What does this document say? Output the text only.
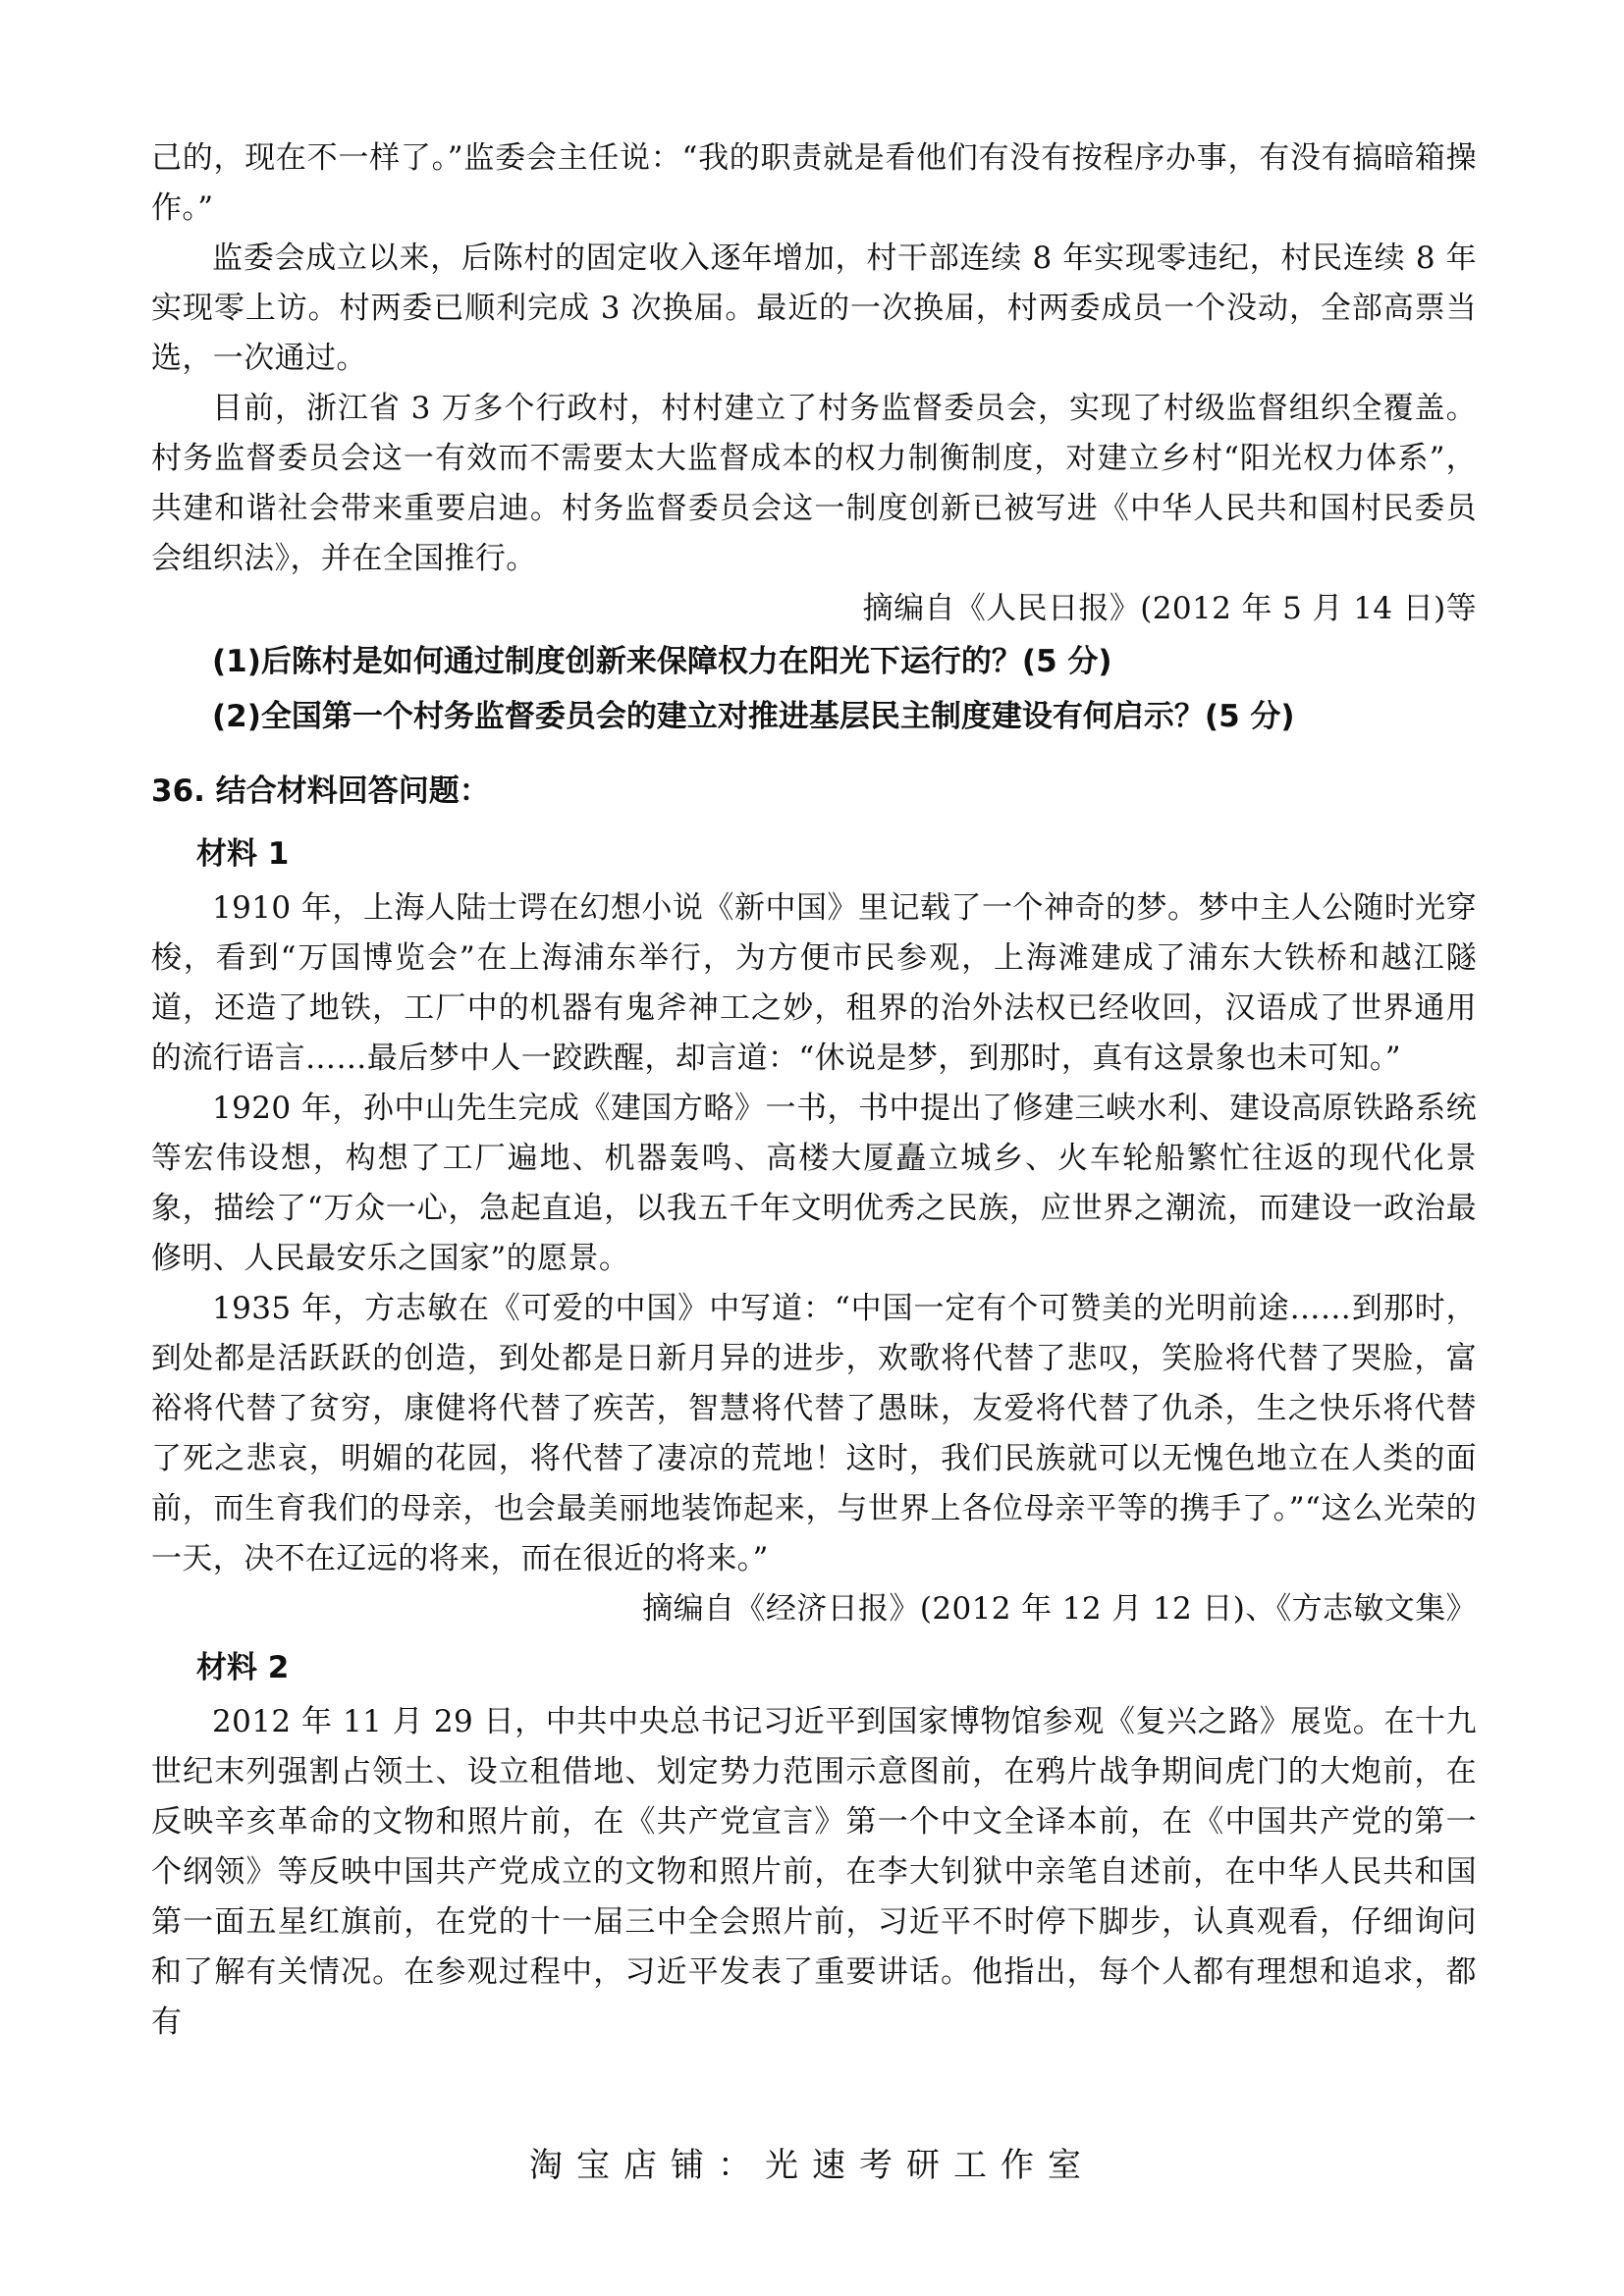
己的，现在不一样了。”监委会主任说：“我的职责就是看他们有没有按程序办事，有没有搞暗箱操作。”

监委会成立以来，后陈村的固定收入逐年增加，村干部连续 8 年实现零违纪，村民连续 8 年实现零上访。村两委已顺利完成 3 次换届。最近的一次换届，村两委成员一个没动，全部高票当选，一次通过。

目前，浙江省 3 万多个行政村，村村建立了村务监督委员会，实现了村级监督组织全覆盖。村务监督委员会这一有效而不需要太大监督成本的权力制衡制度，对建立乡村“阳光权力体系”，共建和谐社会带来重要启迪。村务监督委员会这一制度创新已被写进《中华人民共和国村民委员会组织法》，并在全国推行。

摘编自《人民日报》(2012 年 5 月 14 日)等

(1)后陈村是如何通过制度创新来保障权力在阳光下运行的？(5 分)

(2)全国第一个村务监督委员会的建立对推进基层民主制度建设有何启示？(5 分)

36. 结合材料回答问题：

材料 1

1910 年，上海人陆士谔在幻想小说《新中国》里记载了一个神奇的梦。梦中主人公随时光穿梭，看到“万国博览会”在上海浦东举行，为方便市民参观，上海滩建成了浦东大铁桥和越江隧道，还造了地铁，工厂中的机器有鬼斧神工之妙，租界的治外法权已经收回，汉语成了世界通用的流行语言……最后梦中人一跤跌醒，却言道：“休说是梦，到那时，真有这景象也未可知。”

1920 年，孙中山先生完成《建国方略》一书，书中提出了修建三峡水利、建设高原铁路系统等宏伟设想，构想了工厂遍地、机器轰鸣、高楼大厦矗立城乡、火车轮船繁忙往返的现代化景象，描绘了“万众一心，急起直追，以我五千年文明优秀之民族，应世界之潮流，而建设一政治最修明、人民最安乐之国家”的愿景。

1935 年，方志敏在《可爱的中国》中写道：“中国一定有个可赞美的光明前途……到那时，到处都是活跃跃的创造，到处都是日新月异的进步，欢歌将代替了悲叹，笑脸将代替了哭脸，富裕将代替了贫穷，康健将代替了疾苦，智慧将代替了愚昧，友爱将代替了仇杀，生之快乐将代替了死之悲哀，明媚的花园，将代替了凄凉的荒地！这时，我们民族就可以无愧色地立在人类的面前，而生育我们的母亲，也会最美丽地装饰起来，与世界上各位母亲平等的携手了。”“这么光荣的一天，决不在辽远的将来，而在很近的将来。”

摘编自《经济日报》(2012 年 12 月 12 日)、《方志敏文集》

材料 2

2012 年 11 月 29 日，中共中央总书记习近平到国家博物馆参观《复兴之路》展览。在十九世纪末列强割占领土、设立租借地、划定势力范围示意图前，在鸦片战争期间虎门的大炮前，在反映辛亥革命的文物和照片前，在《共产党宣言》第一个中文全译本前，在《中国共产党的第一个纲领》等反映中国共产党成立的文物和照片前，在李大钊狱中亲笔自述前，在中华人民共和国第一面五星红旗前，在党的十一届三中全会照片前，习近平不时停下脚步，认真观看，仔细询问和了解有关情况。在参观过程中，习近平发表了重要讲话。他指出，每个人都有理想和追求，都有

淘宝店铺：光速考研工作室
